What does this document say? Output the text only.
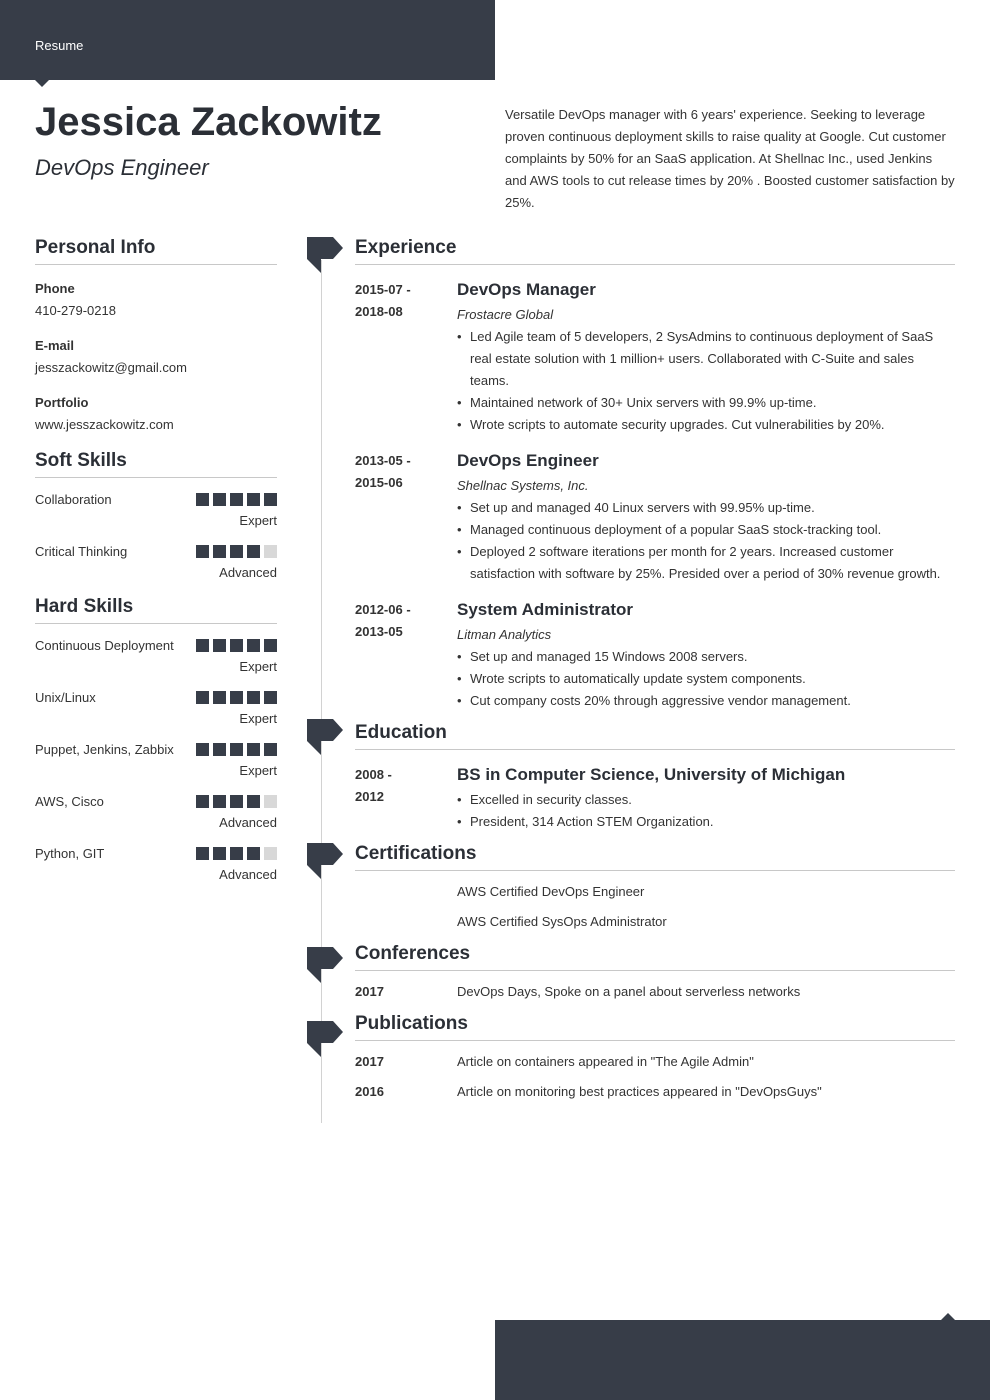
Resume
Jessica Zackowitz

DevOps Engineer

Versatile DevOps manager with 6 years' experience. Seeking to leverage proven continuous deployment skills to raise quality at Google. Cut customer complaints by 50% for an SaaS application. At Shellnac Inc., used Jenkins and AWS tools to cut release times by 20% . Boosted customer satisfaction by 25%.

Personal Info
Phone
410-279-0218
E-mail
jesszackowitz@gmail.com
Portfolio
www.jesszackowitz.com
Soft Skills
Collaboration
Expert
Critical Thinking
Advanced
Hard Skills
Continuous Deployment
Expert
Unix/Linux
Expert
Puppet, Jenkins, Zabbix
Expert
AWS, Cisco
Advanced
Python, GIT
Advanced
Experience
2015-07 -
2018-08
DevOps Manager
Frostacre Global
• Led Agile team of 5 developers, 2 SysAdmins to continuous deployment of SaaS real estate solution with 1 million+ users. Collaborated with C-Suite and sales teams.
• Maintained network of 30+ Unix servers with 99.9% up-time.
• Wrote scripts to automate security upgrades. Cut vulnerabilities by 20%.
2013-05 -
2015-06
DevOps Engineer
Shellnac Systems, Inc.
• Set up and managed 40 Linux servers with 99.95% up-time.
• Managed continuous deployment of a popular SaaS stock-tracking tool.
• Deployed 2 software iterations per month for 2 years. Increased customer satisfaction with software by 25%. Presided over a period of 30% revenue growth.
2012-06 -
2013-05
System Administrator
Litman Analytics
• Set up and managed 15 Windows 2008 servers.
• Wrote scripts to automatically update system components.
• Cut company costs 20% through aggressive vendor management.
Education
2008 -
2012
BS in Computer Science, University of Michigan
• Excelled in security classes.
• President, 314 Action STEM Organization.
Certifications
AWS Certified DevOps Engineer
AWS Certified SysOps Administrator
Conferences
2017	DevOps Days, Spoke on a panel about serverless networks
Publications
2017	Article on containers appeared in "The Agile Admin"
2016	Article on monitoring best practices appeared in "DevOpsGuys"
